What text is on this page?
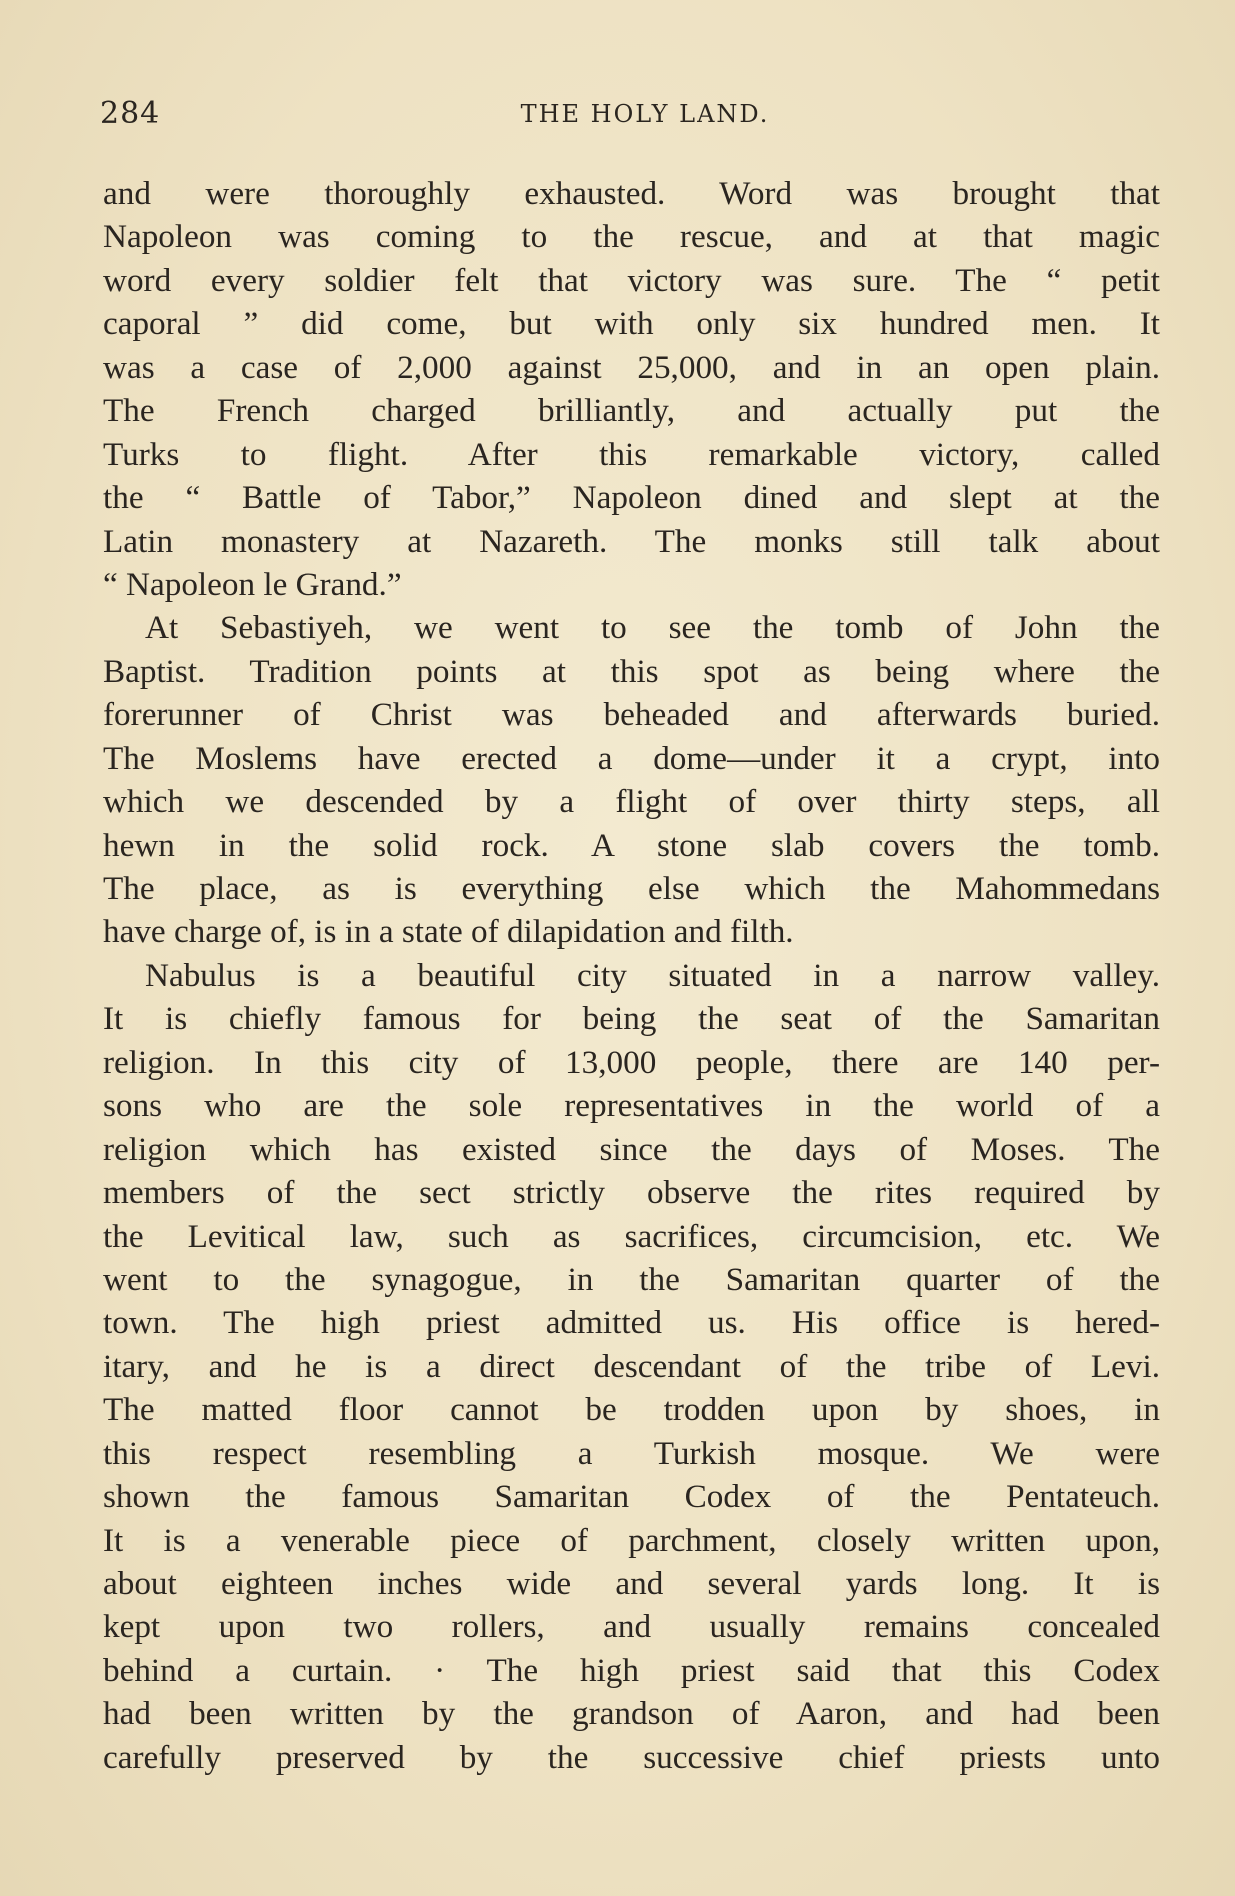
284	THE HOLY LAND.
and were thoroughly exhausted. Word was brought that
Napoleon was coming to the rescue, and at that magic
word every soldier felt that victory was sure. The “ petit
caporal ” did come, but with only six hundred men. It
was a case of 2,000 against 25,000, and in an open plain.
The French charged brilliantly, and actually put the
Turks to flight. After this remarkable victory, called
the “ Battle of Tabor,” Napoleon dined and slept at the
Latin monastery at Nazareth. The monks still talk about
“ Napoleon le Grand.”
At Sebastiyeh, we went to see the tomb of John the
Baptist. Tradition points at this spot as being where the
forerunner of Christ was beheaded and afterwards buried.
The Moslems have erected a dome—under it a crypt, into
which we descended by a flight of over thirty steps, all
hewn in the solid rock. A stone slab covers the tomb.
The place, as is everything else which the Mahommedans
have charge of, is in a state of dilapidation and filth.
Nabulus is a beautiful city situated in a narrow valley.
It is chiefly famous for being the seat of the Samaritan
religion. In this city of 13,000 people, there are 140 per-
sons who are the sole representatives in the world of a
religion which has existed since the days of Moses. The
members of the sect strictly observe the rites required by
the Levitical law, such as sacrifices, circumcision, etc. We
went to the synagogue, in the Samaritan quarter of the
town. The high priest admitted us. His office is hered-
itary, and he is a direct descendant of the tribe of Levi.
The matted floor cannot be trodden upon by shoes, in
this respect resembling a Turkish mosque. We were
shown the famous Samaritan Codex of the Pentateuch.
It is a venerable piece of parchment, closely written upon,
about eighteen inches wide and several yards long. It is
kept upon two rollers, and usually remains concealed
behind a curtain. · The high priest said that this Codex
had been written by the grandson of Aaron, and had been
carefully preserved by the successive chief priests unto
